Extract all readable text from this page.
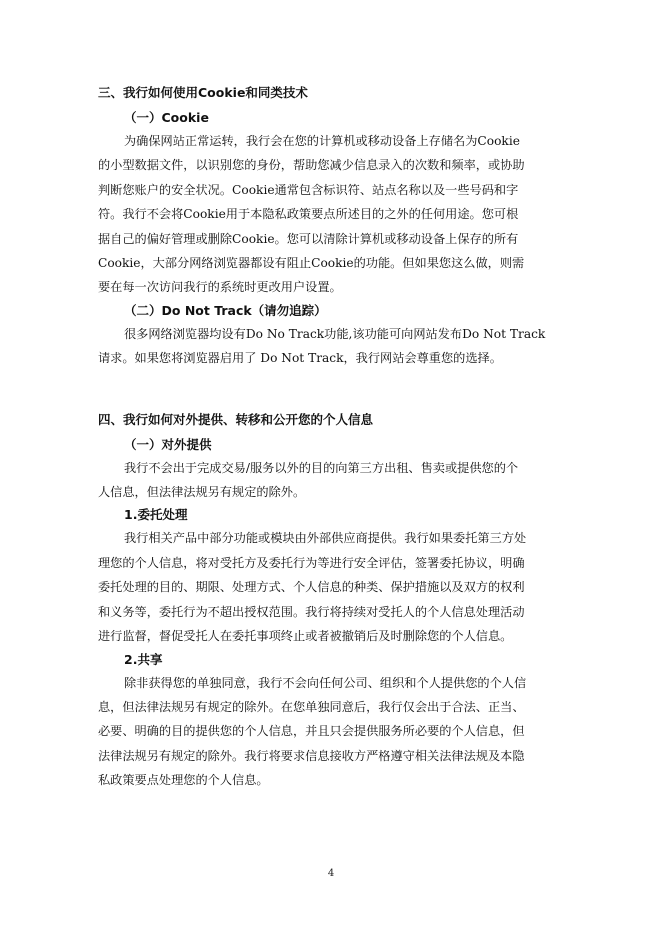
三、我行如何使用Cookie和同类技术
（一）Cookie

为确保网站正常运转，我行会在您的计算机或移动设备上存储名为Cookie
的小型数据文件，以识别您的身份，帮助您减少信息录入的次数和频率，或协助
判断您账户的安全状况。Cookie通常包含标识符、站点名称以及一些号码和字
符。我行不会将Cookie用于本隐私政策要点所述目的之外的任何用途。您可根
据自己的偏好管理或删除Cookie。您可以清除计算机或移动设备上保存的所有
Cookie，大部分网络浏览器都设有阻止Cookie的功能。但如果您这么做，则需
要在每一次访问我行的系统时更改用户设置。

（二）Do Not Track（请勿追踪）

很多网络浏览器均设有Do No Track功能,该功能可向网站发布Do Not Track
请求。如果您将浏览器启用了 Do Not Track，我行网站会尊重您的选择。

四、我行如何对外提供、转移和公开您的个人信息
（一）对外提供

我行不会出于完成交易/服务以外的目的向第三方出租、售卖或提供您的个
人信息，但法律法规另有规定的除外。

1.委托处理

我行相关产品中部分功能或模块由外部供应商提供。我行如果委托第三方处
理您的个人信息，将对受托方及委托行为等进行安全评估，签署委托协议，明确
委托处理的目的、期限、处理方式、个人信息的种类、保护措施以及双方的权利
和义务等，委托行为不超出授权范围。我行将持续对受托人的个人信息处理活动
进行监督，督促受托人在委托事项终止或者被撤销后及时删除您的个人信息。

2.共享

除非获得您的单独同意，我行不会向任何公司、组织和个人提供您的个人信
息，但法律法规另有规定的除外。在您单独同意后，我行仅会出于合法、正当、
必要、明确的目的提供您的个人信息，并且只会提供服务所必要的个人信息，但
法律法规另有规定的除外。我行将要求信息接收方严格遵守相关法律法规及本隐
私政策要点处理您的个人信息。

4
